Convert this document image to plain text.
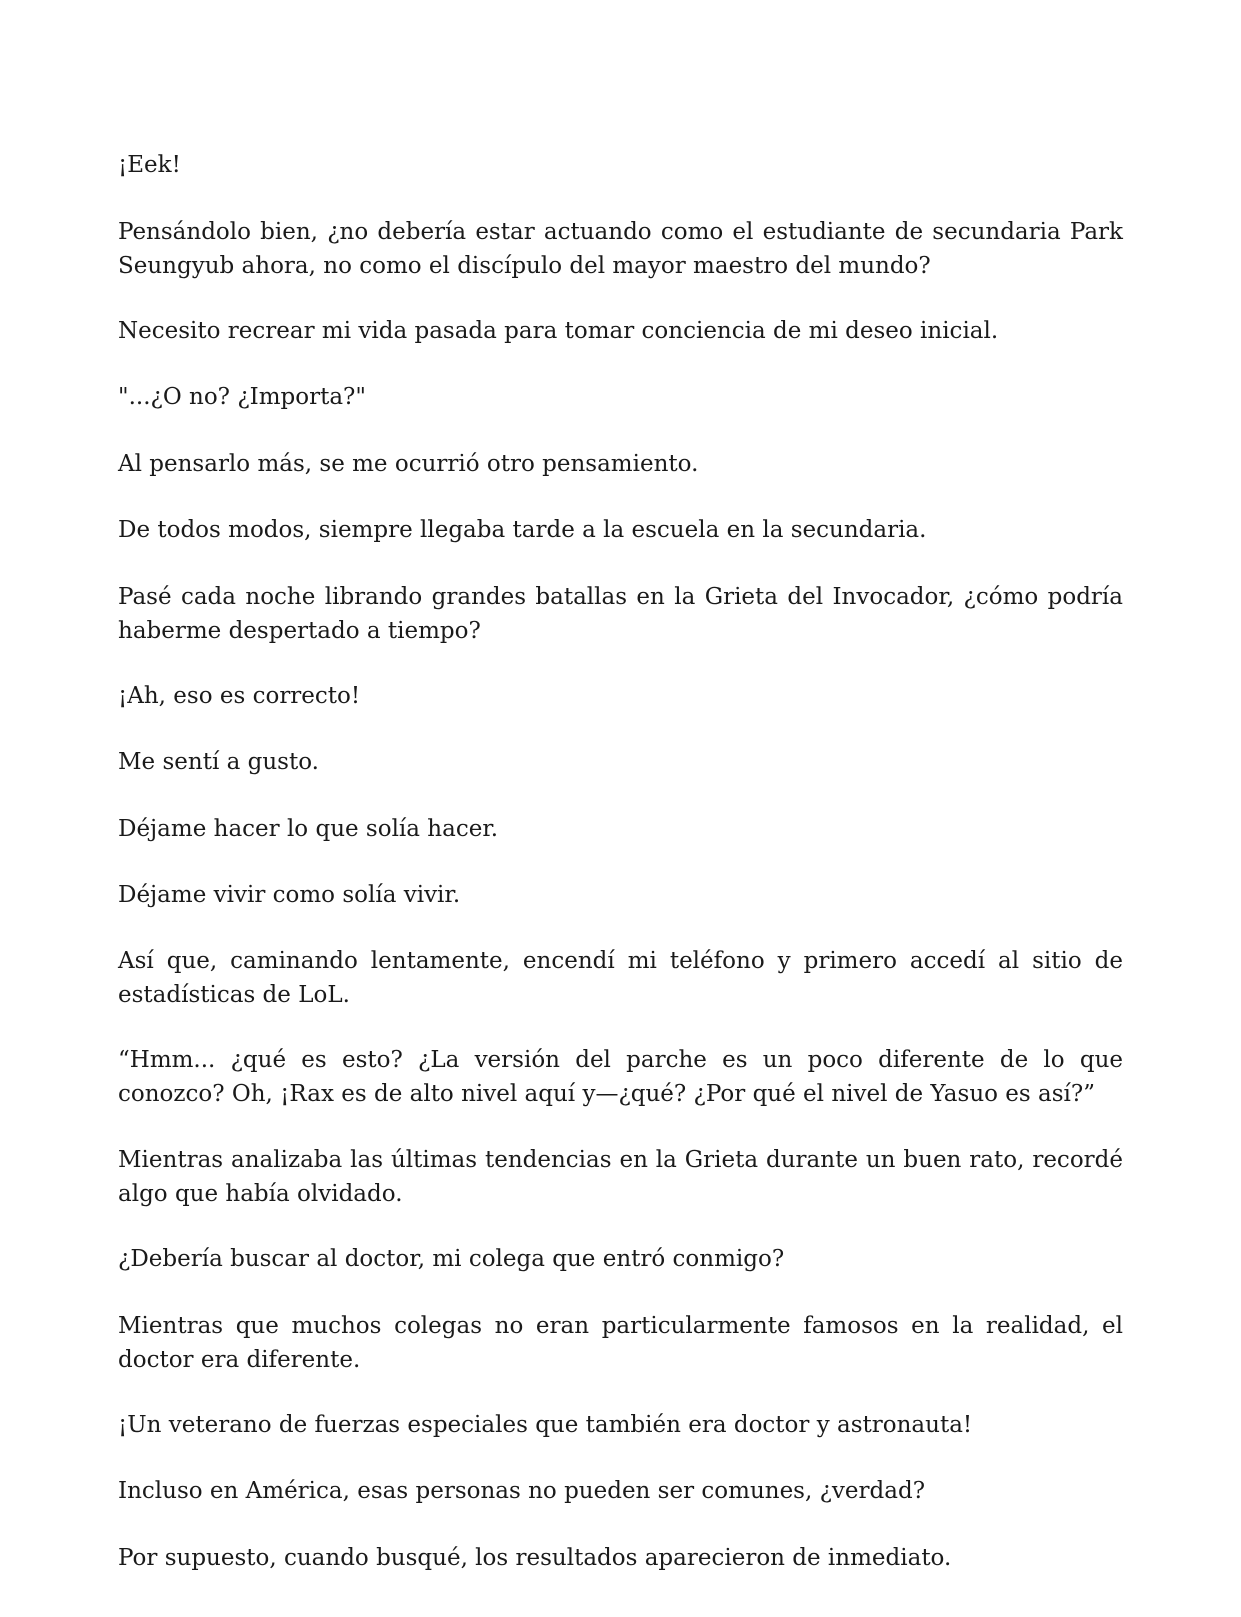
¡Eek!

Pensándolo bien, ¿no debería estar actuando como el estudiante de secundaria Park Seungyub ahora, no como el discípulo del mayor maestro del mundo?

Necesito recrear mi vida pasada para tomar conciencia de mi deseo inicial.

"...¿O no? ¿Importa?"

Al pensarlo más, se me ocurrió otro pensamiento.

De todos modos, siempre llegaba tarde a la escuela en la secundaria.

Pasé cada noche librando grandes batallas en la Grieta del Invocador, ¿cómo podría haberme despertado a tiempo?

¡Ah, eso es correcto!

Me sentí a gusto.

Déjame hacer lo que solía hacer.

Déjame vivir como solía vivir.

Así que, caminando lentamente, encendí mi teléfono y primero accedí al sitio de estadísticas de LoL.

“Hmm... ¿qué es esto? ¿La versión del parche es un poco diferente de lo que conozco? Oh, ¡Rax es de alto nivel aquí y—¿qué? ¿Por qué el nivel de Yasuo es así?”

Mientras analizaba las últimas tendencias en la Grieta durante un buen rato, recordé algo que había olvidado.

¿Debería buscar al doctor, mi colega que entró conmigo?

Mientras que muchos colegas no eran particularmente famosos en la realidad, el doctor era diferente.

¡Un veterano de fuerzas especiales que también era doctor y astronauta!

Incluso en América, esas personas no pueden ser comunes, ¿verdad?

Por supuesto, cuando busqué, los resultados aparecieron de inmediato.
